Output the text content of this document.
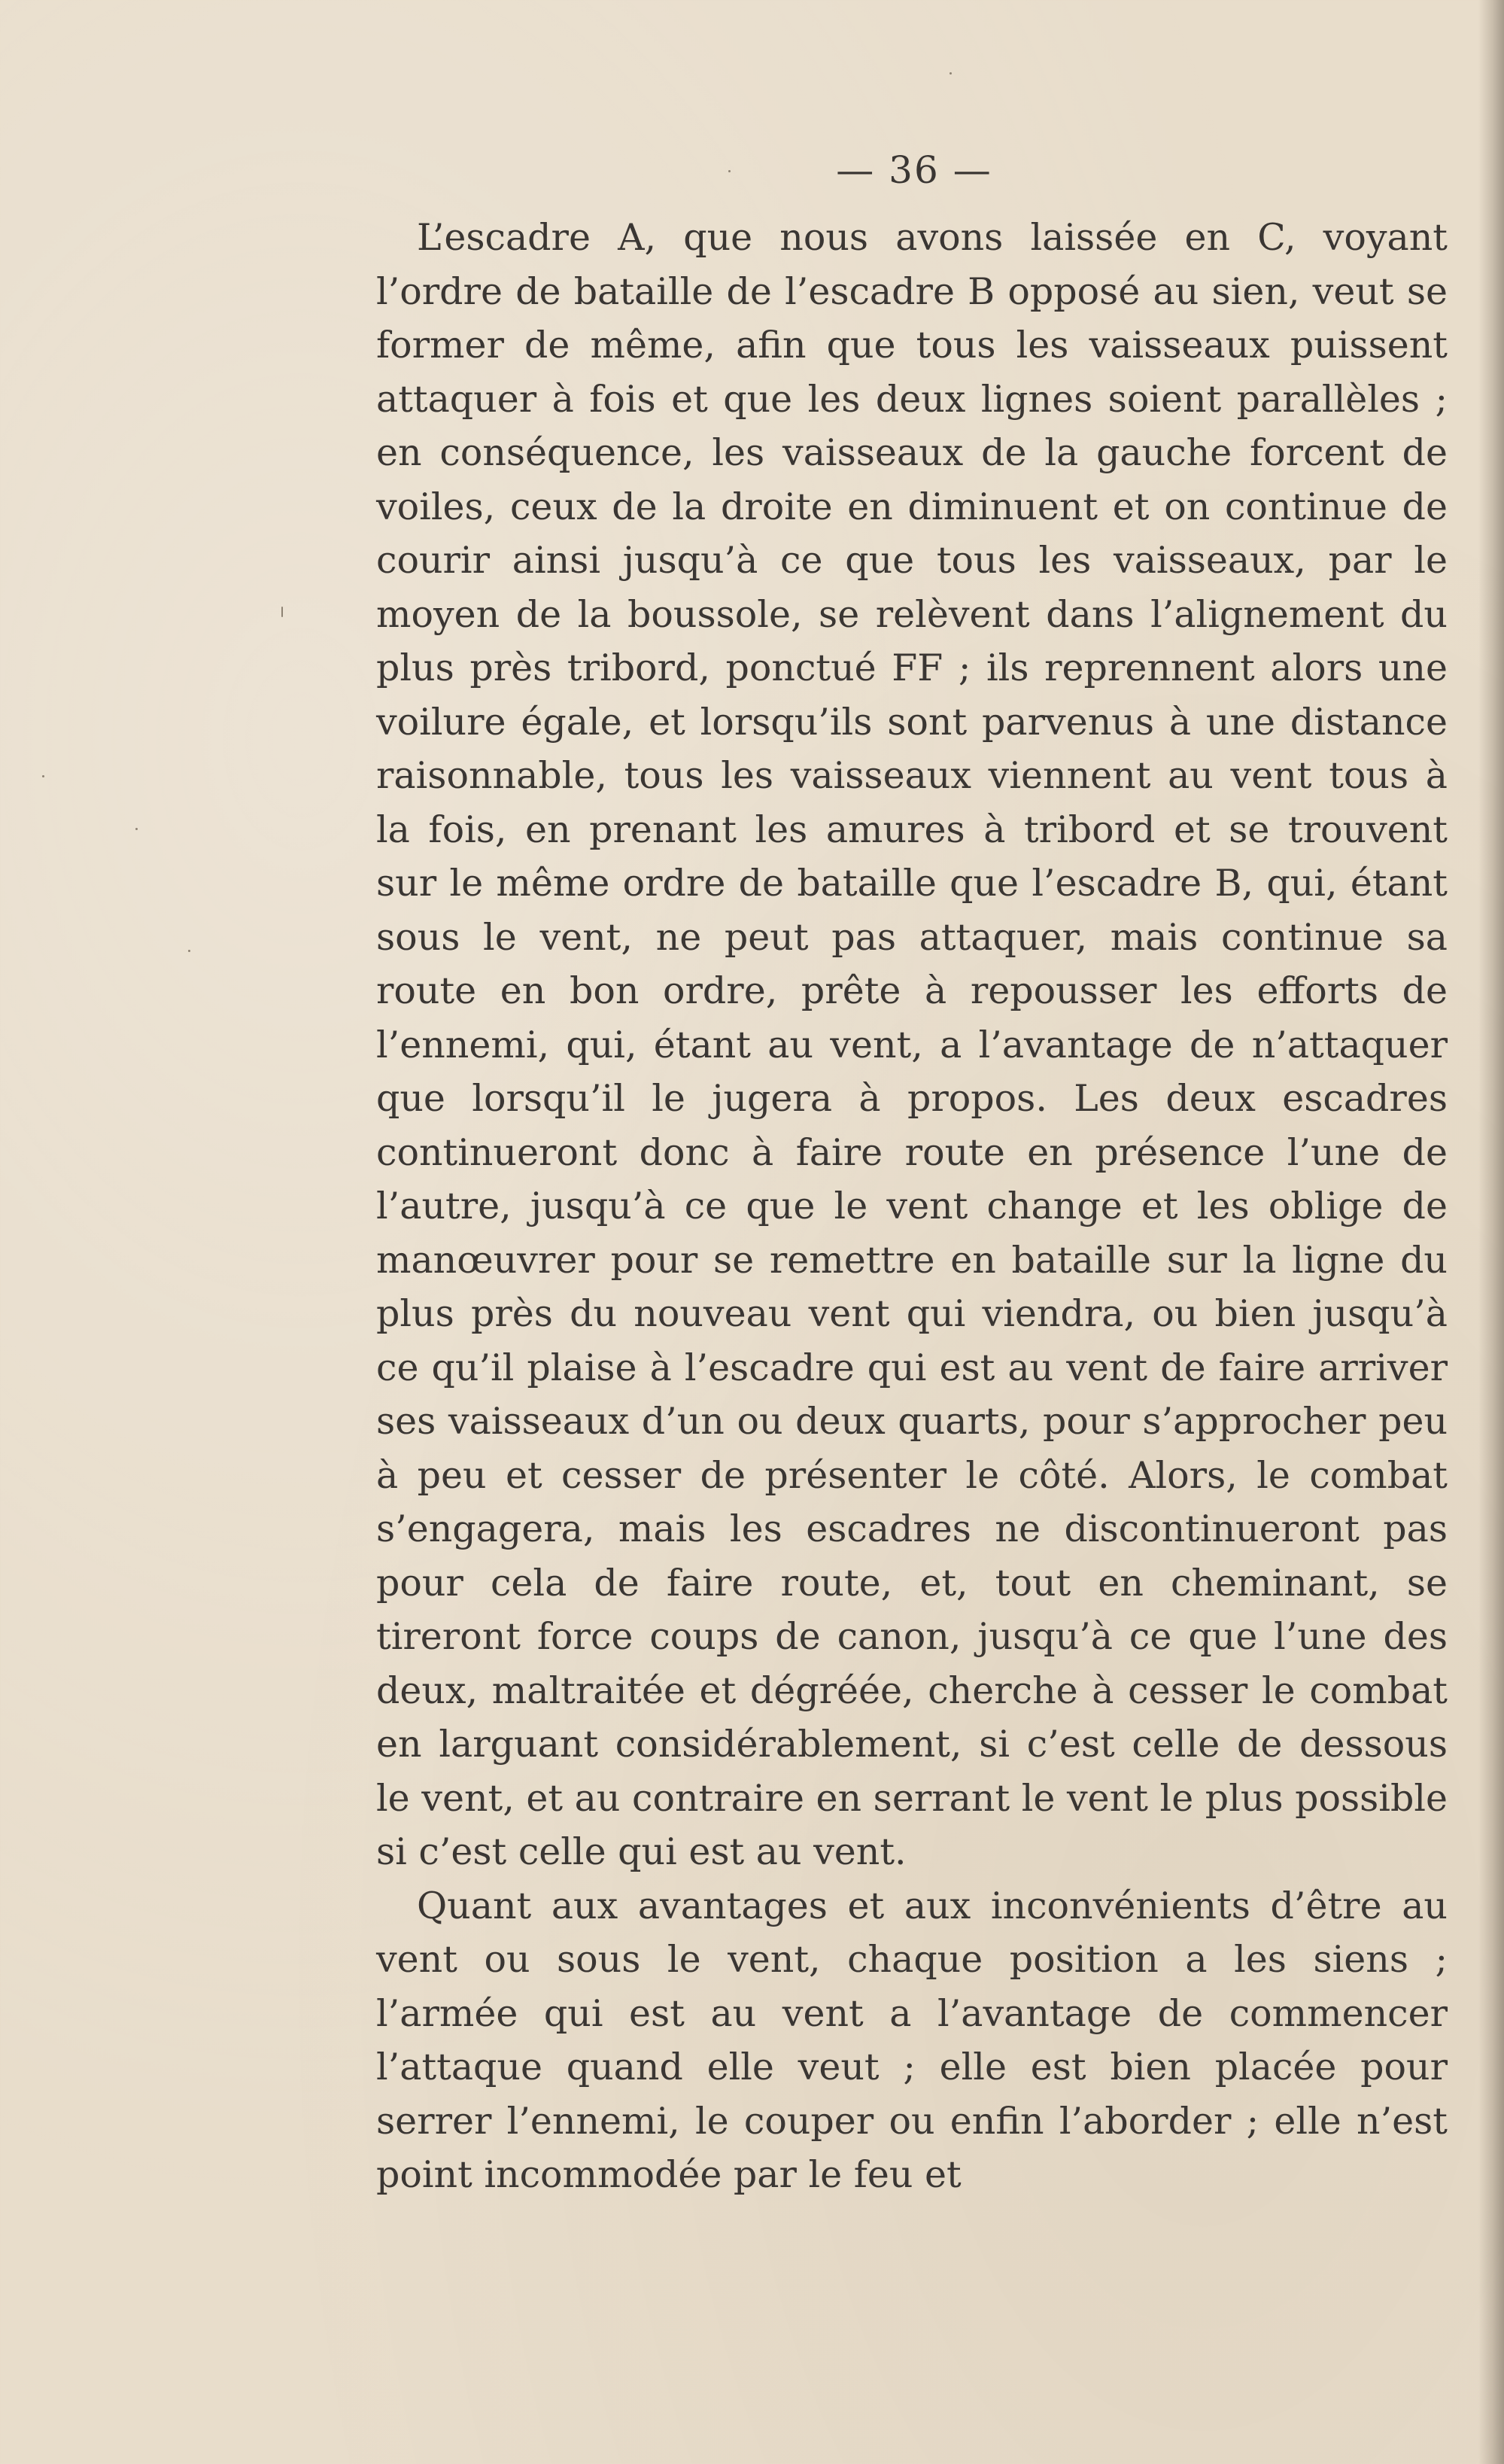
— 36 —

L’escadre A, que nous avons laissée en C, voyant l’ordre de bataille de l’escadre B opposé au sien, veut se former de même, afin que tous les vaisseaux puissent attaquer à fois et que les deux lignes soient parallèles ; en conséquence, les vaisseaux de la gauche forcent de voiles, ceux de la droite en diminuent et on continue de courir ainsi jusqu’à ce que tous les vaisseaux, par le moyen de la boussole, se relèvent dans l’alignement du plus près tribord, ponctué FF ; ils reprennent alors une voilure égale, et lorsqu’ils sont parvenus à une distance raisonnable, tous les vaisseaux viennent au vent tous à la fois, en prenant les amures à tribord et se trouvent sur le même ordre de bataille que l’escadre B, qui, étant sous le vent, ne peut pas attaquer, mais continue sa route en bon ordre, prête à repousser les efforts de l’ennemi, qui, étant au vent, a l’avantage de n’attaquer que lorsqu’il le jugera à propos. Les deux escadres continueront donc à faire route en présence l’une de l’autre, jusqu’à ce que le vent change et les oblige de manœuvrer pour se remettre en bataille sur la ligne du plus près du nouveau vent qui viendra, ou bien jusqu’à ce qu’il plaise à l’escadre qui est au vent de faire arriver ses vaisseaux d’un ou deux quarts, pour s’approcher peu à peu et cesser de présenter le côté. Alors, le combat s’engagera, mais les escadres ne discontinueront pas pour cela de faire route, et, tout en cheminant, se tireront force coups de canon, jusqu’à ce que l’une des deux, maltraitée et dégréée, cherche à cesser le combat en larguant considérablement, si c’est celle de dessous le vent, et au contraire en serrant le vent le plus possible si c’est celle qui est au vent.

Quant aux avantages et aux inconvénients d’être au vent ou sous le vent, chaque position a les siens ; l’armée qui est au vent a l’avantage de commencer l’attaque quand elle veut ; elle est bien placée pour serrer l’ennemi, le couper ou enfin l’aborder ; elle n’est point incommodée par le feu et
